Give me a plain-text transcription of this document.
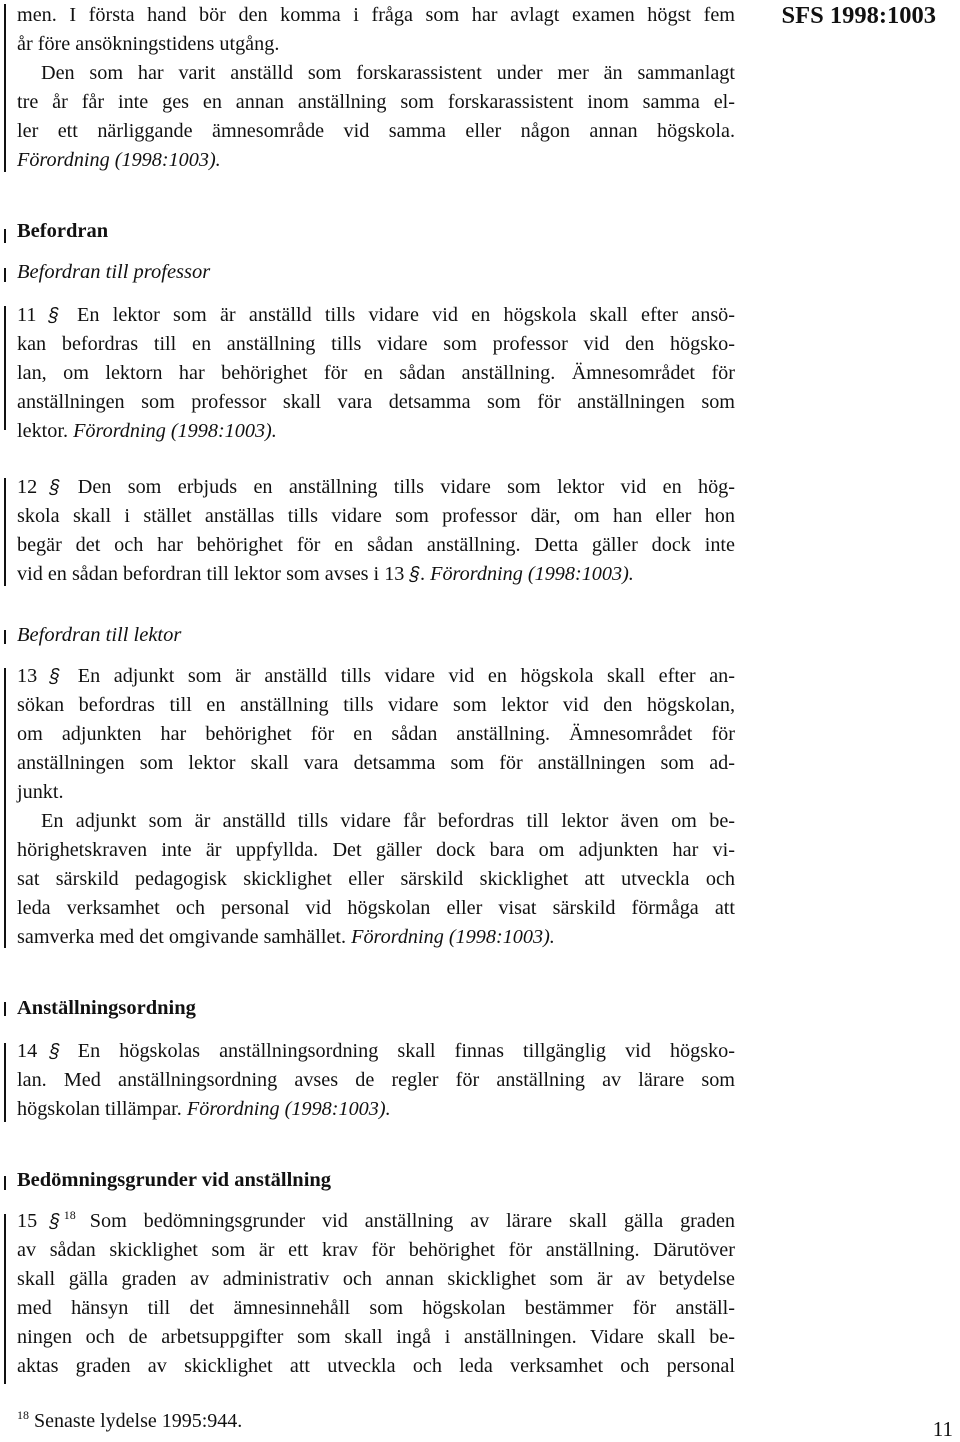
SFS 1998:1003
men. I första hand bör den komma i fråga som har avlagt examen högst fem
år före ansökningstidens utgång.
Den som har varit anställd som forskarassistent under mer än sammanlagt
tre år får inte ges en annan anställning som forskarassistent inom samma el-
ler ett närliggande ämnesområde vid samma eller någon annan högskola.
Förordning (1998:1003).
Befordran
Befordran till professor
11 § En lektor som är anställd tills vidare vid en högskola skall efter ansö-
kan befordras till en anställning tills vidare som professor vid den högsko-
lan, om lektorn har behörighet för en sådan anställning. Ämnesområdet för
anställningen som professor skall vara detsamma som för anställningen som
lektor. Förordning (1998:1003).
12 § Den som erbjuds en anställning tills vidare som lektor vid en hög-
skola skall i stället anställas tills vidare som professor där, om han eller hon
begär det och har behörighet för en sådan anställning. Detta gäller dock inte
vid en sådan befordran till lektor som avses i 13 §. Förordning (1998:1003).
Befordran till lektor
13 § En adjunkt som är anställd tills vidare vid en högskola skall efter an-
sökan befordras till en anställning tills vidare som lektor vid den högskolan,
om adjunkten har behörighet för en sådan anställning. Ämnesområdet för
anställningen som lektor skall vara detsamma som för anställningen som ad-
junkt.
En adjunkt som är anställd tills vidare får befordras till lektor även om be-
hörighetskraven inte är uppfyllda. Det gäller dock bara om adjunkten har vi-
sat särskild pedagogisk skicklighet eller särskild skicklighet att utveckla och
leda verksamhet och personal vid högskolan eller visat särskild förmåga att
samverka med det omgivande samhället. Förordning (1998:1003).
Anställningsordning
14 § En högskolas anställningsordning skall finnas tillgänglig vid högsko-
lan. Med anställningsordning avses de regler för anställning av lärare som
högskolan tillämpar. Förordning (1998:1003).
Bedömningsgrunder vid anställning
15 § $^{18}$ Som bedömningsgrunder vid anställning av lärare skall gälla graden
av sådan skicklighet som är ett krav för behörighet för anställning. Därutöver
skall gälla graden av administrativ och annan skicklighet som är av betydelse
med hänsyn till det ämnesinnehåll som högskolan bestämmer för anställ-
ningen och de arbetsuppgifter som skall ingå i anställningen. Vidare skall be-
aktas graden av skicklighet att utveckla och leda verksamhet och personal
$^{18}$ Senaste lydelse 1995:944.	11
